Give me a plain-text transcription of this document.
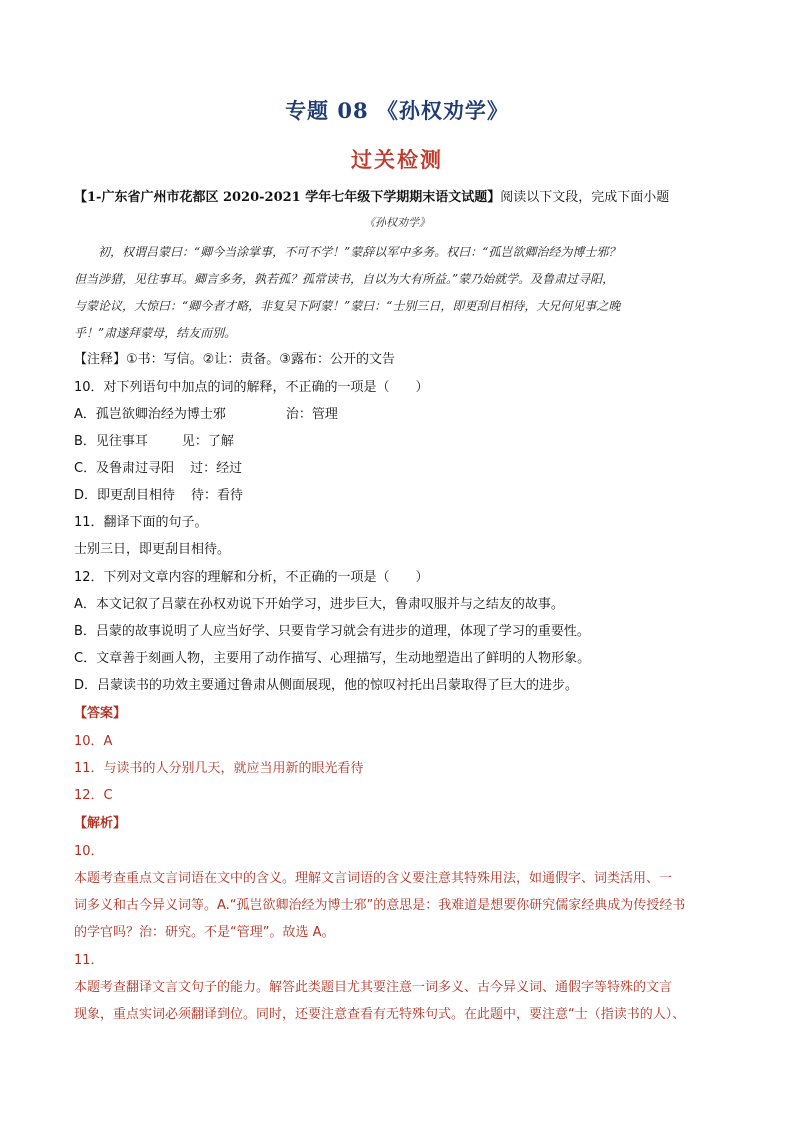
专题 08 《孙权劝学》
过关检测
【1-广东省广州市花都区 2020-2021 学年七年级下学期期末语文试题】阅读以下文段，完成下面小题
《孙权劝学》
初，权谓吕蒙曰：“卿今当涂掌事，不可不学！”蒙辞以军中多务。权曰：“孤岂欲卿治经为博士邪？
但当涉猎，见往事耳。卿言多务，孰若孤？孤常读书，自以为大有所益。”蒙乃始就学。及鲁肃过寻阳，
与蒙论议，大惊曰：“卿今者才略，非复吴下阿蒙！”蒙曰：“士别三日，即更刮目相待，大兄何见事之晚
乎！”肃遂拜蒙母，结友而别。
【注释】①书：写信。②让：责备。③露布：公开的文告
10．对下列语句中加点的词的解释，不正确的一项是（　　）
A．孤岂欲卿治经为博士邪	治：管理
B．见往事耳	见：了解
C．及鲁肃过寻阳 过：经过
D．即更刮目相待 待：看待
11．翻译下面的句子。
士别三日，即更刮目相待。
12．下列对文章内容的理解和分析，不正确的一项是（　　）
A．本文记叙了吕蒙在孙权劝说下开始学习，进步巨大，鲁肃叹服并与之结友的故事。
B．吕蒙的故事说明了人应当好学、只要肯学习就会有进步的道理，体现了学习的重要性。
C．文章善于刻画人物，主要用了动作描写、心理描写，生动地塑造出了鲜明的人物形象。
D．吕蒙读书的功效主要通过鲁肃从侧面展现，他的惊叹衬托出吕蒙取得了巨大的进步。
【答案】
10．A
11．与读书的人分别几天，就应当用新的眼光看待
12．C
【解析】
10．
本题考查重点文言词语在文中的含义。理解文言词语的含义要注意其特殊用法，如通假字、词类活用、一
词多义和古今异义词等。A.“孤岂欲卿治经为博士邪”的意思是：我难道是想要你研究儒家经典成为传授经书
的学官吗？治：研究。不是“管理”。故选 A。
11．
本题考查翻译文言文句子的能力。解答此类题目尤其要注意一词多义、古今异义词、通假字等特殊的文言
现象，重点实词必须翻译到位。同时，还要注意查看有无特殊句式。在此题中，要注意“士（指读书的人）、
